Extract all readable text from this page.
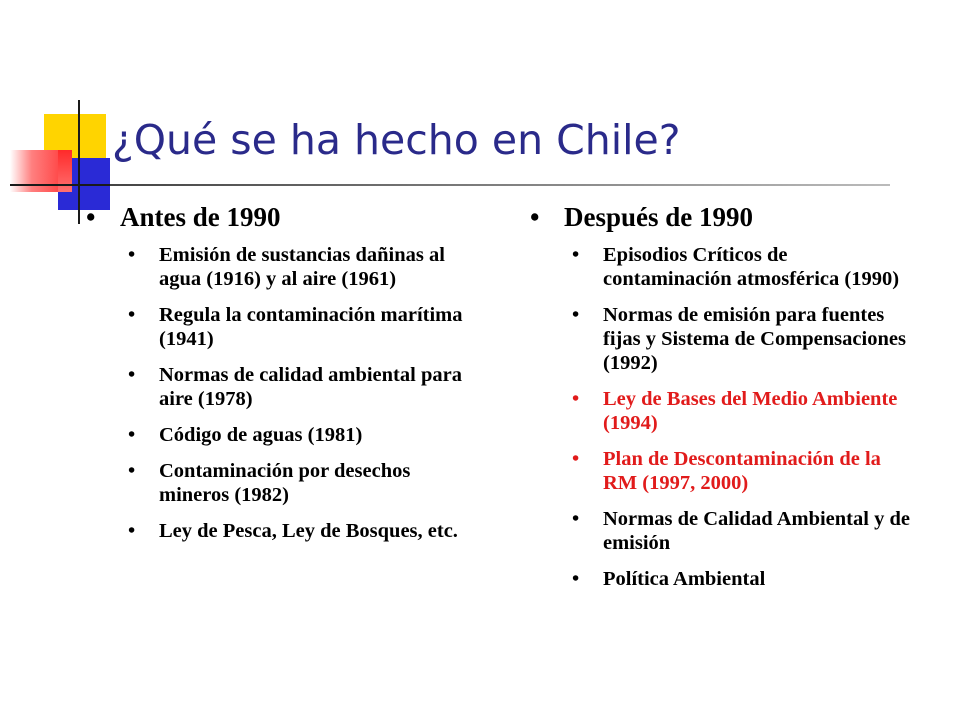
¿Qué se ha hecho en Chile?
• Antes de 1990
•	Emisión de sustancias dañinas al agua (1916) y al aire (1961)
•	Regula la contaminación marítima (1941)
•	Normas de calidad ambiental para aire (1978)
•	Código de aguas (1981)
•	Contaminación por desechos mineros (1982)
•	Ley de Pesca, Ley de Bosques, etc.
• Después de 1990
•	Episodios Críticos de contaminación atmosférica (1990)
•	Normas de emisión para fuentes fijas y Sistema de Compensaciones (1992)
•	Ley de Bases del Medio Ambiente (1994)
•	Plan de Descontaminación de la RM (1997, 2000)
•	Normas de Calidad Ambiental y de emisión
•	Política Ambiental
